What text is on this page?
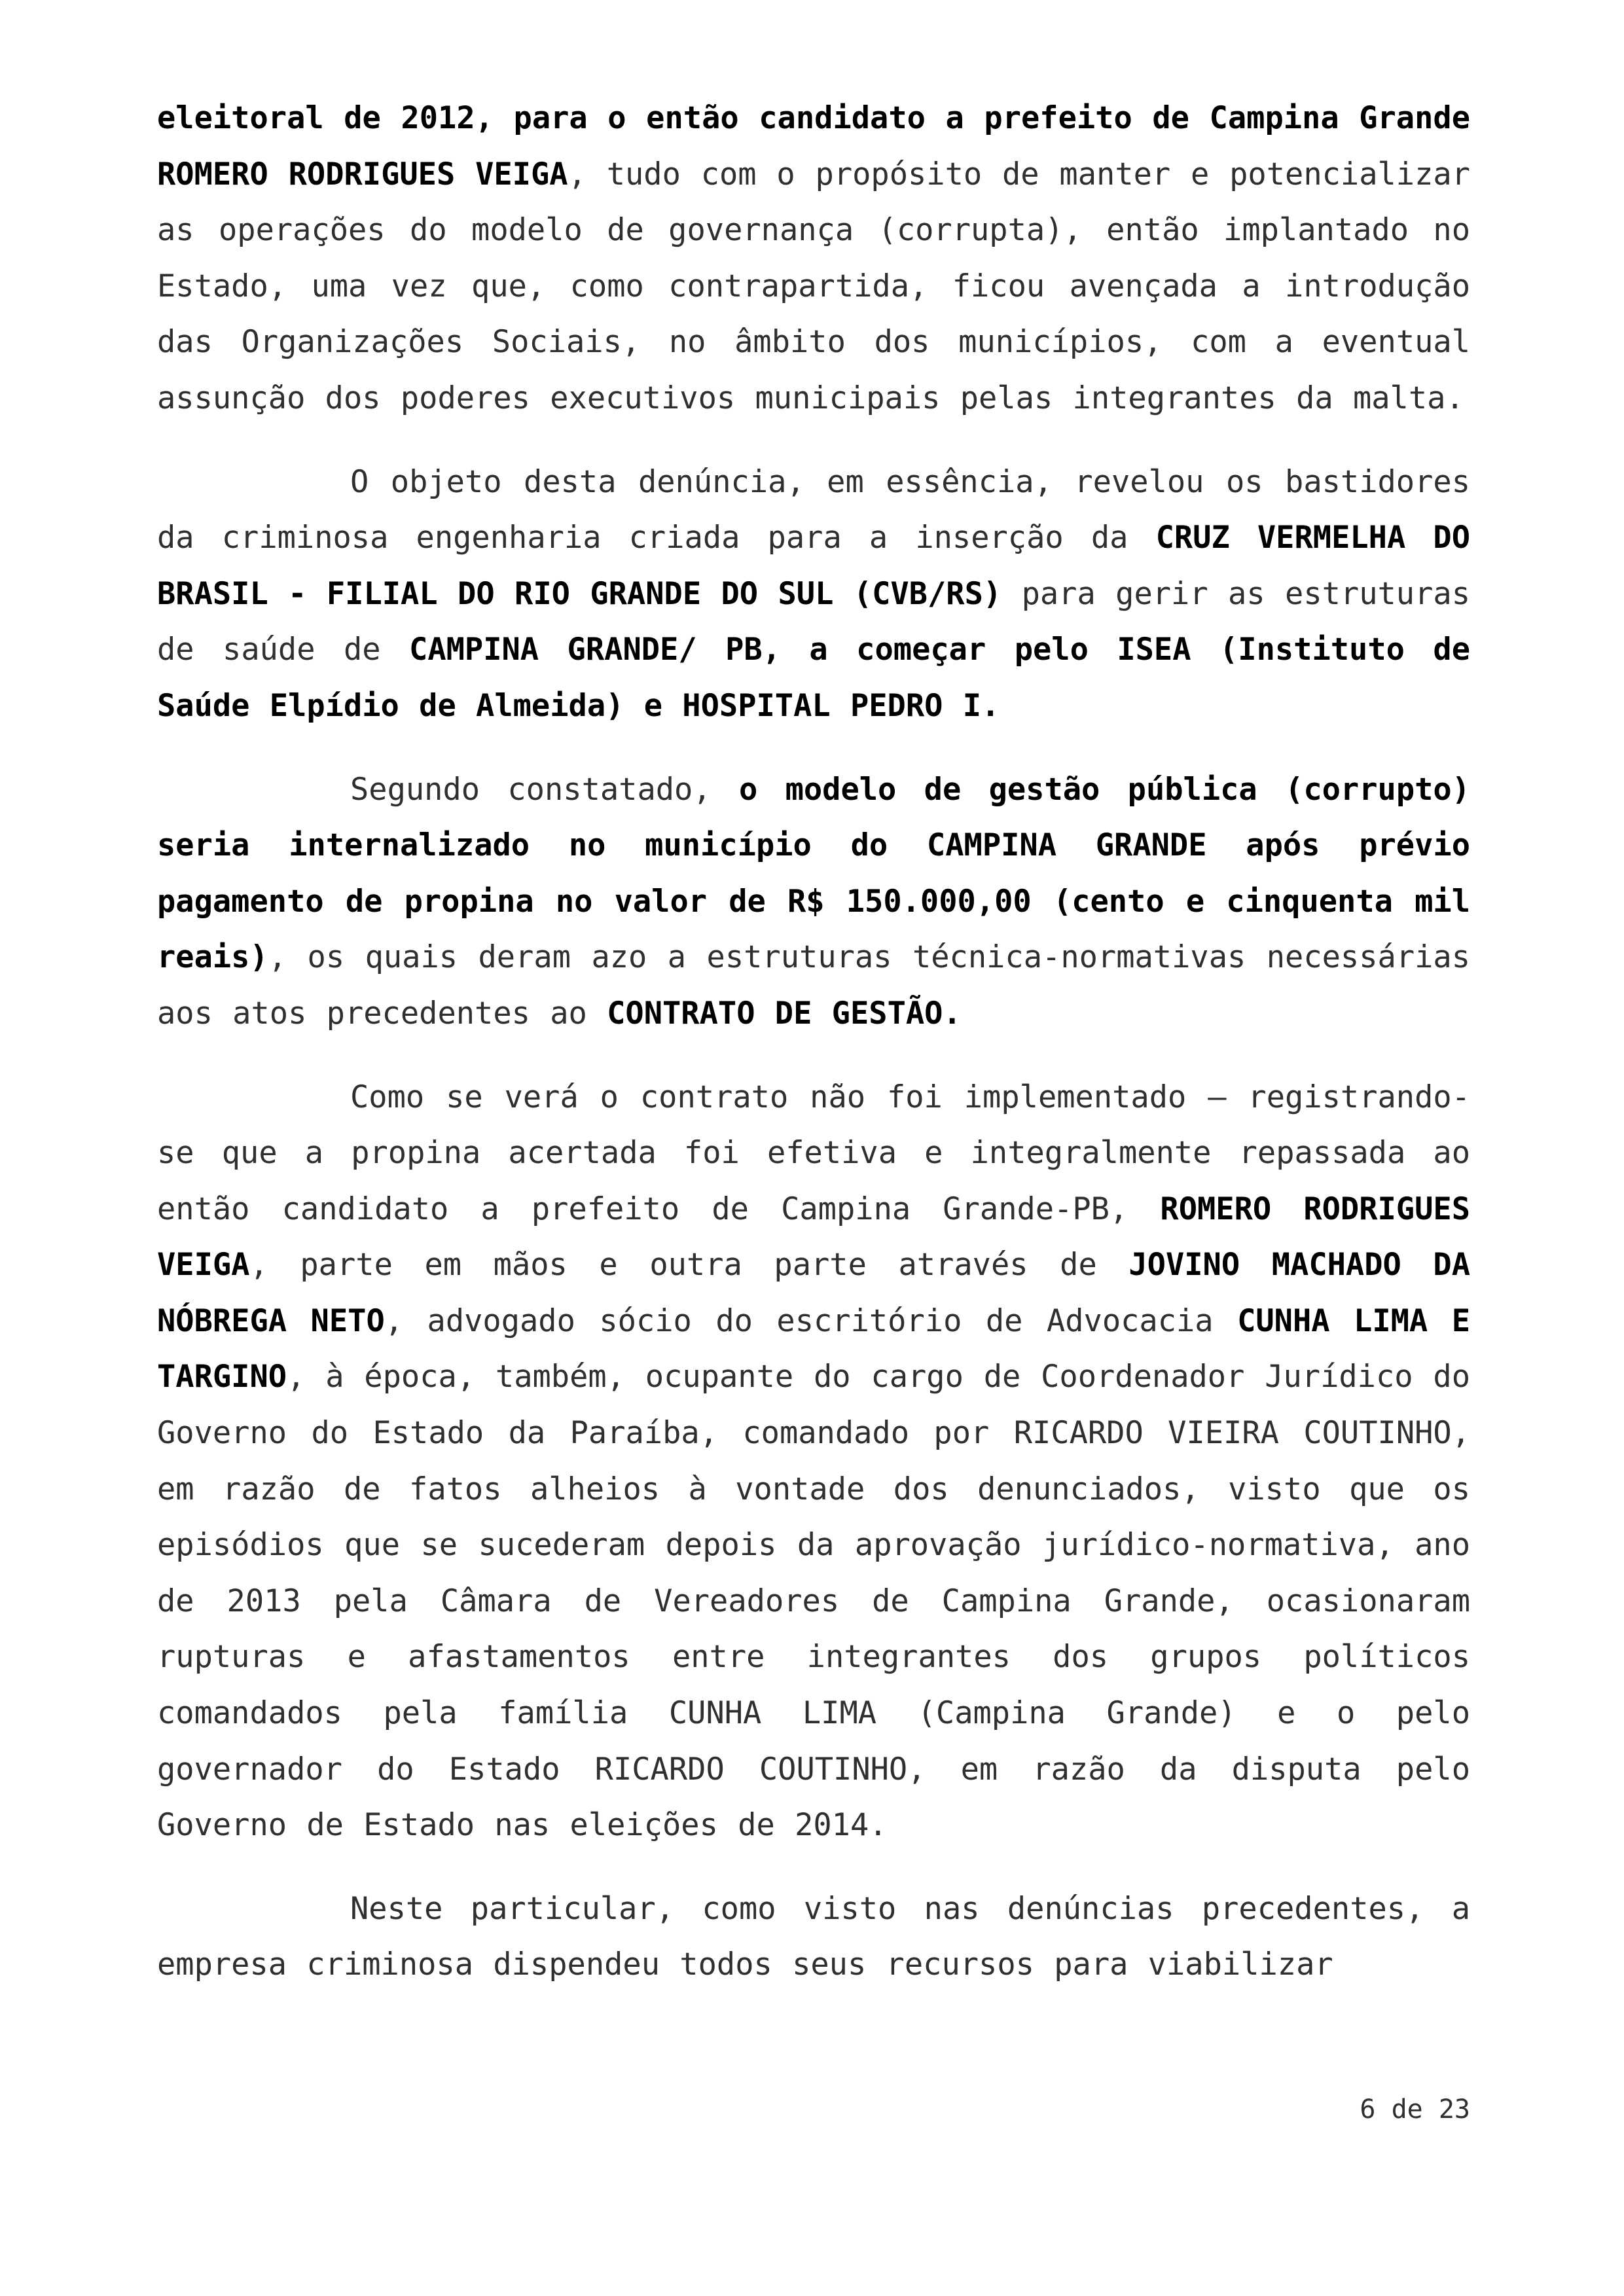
eleitoral de 2012, para o então candidato a prefeito de Campina Grande ROMERO RODRIGUES VEIGA, tudo com o propósito de manter e potencializar as operações do modelo de governança (corrupta), então implantado no Estado, uma vez que, como contrapartida, ficou avençada a introdução das Organizações Sociais, no âmbito dos municípios, com a eventual assunção dos poderes executivos municipais pelas integrantes da malta.

O objeto desta denúncia, em essência, revelou os bastidores da criminosa engenharia criada para a inserção da CRUZ VERMELHA DO BRASIL - FILIAL DO RIO GRANDE DO SUL (CVB/RS) para gerir as estruturas de saúde de CAMPINA GRANDE/ PB, a começar pelo ISEA (Instituto de Saúde Elpídio de Almeida) e HOSPITAL PEDRO I.

Segundo constatado, o modelo de gestão pública (corrupto) seria internalizado no município do CAMPINA GRANDE após prévio pagamento de propina no valor de R$ 150.000,00 (cento e cinquenta mil reais), os quais deram azo a estruturas técnica-normativas necessárias aos atos precedentes ao CONTRATO DE GESTÃO.

Como se verá o contrato não foi implementado – registrando-se que a propina acertada foi efetiva e integralmente repassada ao então candidato a prefeito de Campina Grande-PB, ROMERO RODRIGUES VEIGA, parte em mãos e outra parte através de JOVINO MACHADO DA NÓBREGA NETO, advogado sócio do escritório de Advocacia CUNHA LIMA E TARGINO, à época, também, ocupante do cargo de Coordenador Jurídico do Governo do Estado da Paraíba, comandado por RICARDO VIEIRA COUTINHO, em razão de fatos alheios à vontade dos denunciados, visto que os episódios que se sucederam depois da aprovação jurídico-normativa, ano de 2013 pela Câmara de Vereadores de Campina Grande, ocasionaram rupturas e afastamentos entre integrantes dos grupos políticos comandados pela família CUNHA LIMA (Campina Grande) e o pelo governador do Estado RICARDO COUTINHO, em razão da disputa pelo Governo de Estado nas eleições de 2014.

Neste particular, como visto nas denúncias precedentes, a empresa criminosa dispendeu todos seus recursos para viabilizar

6 de 23
